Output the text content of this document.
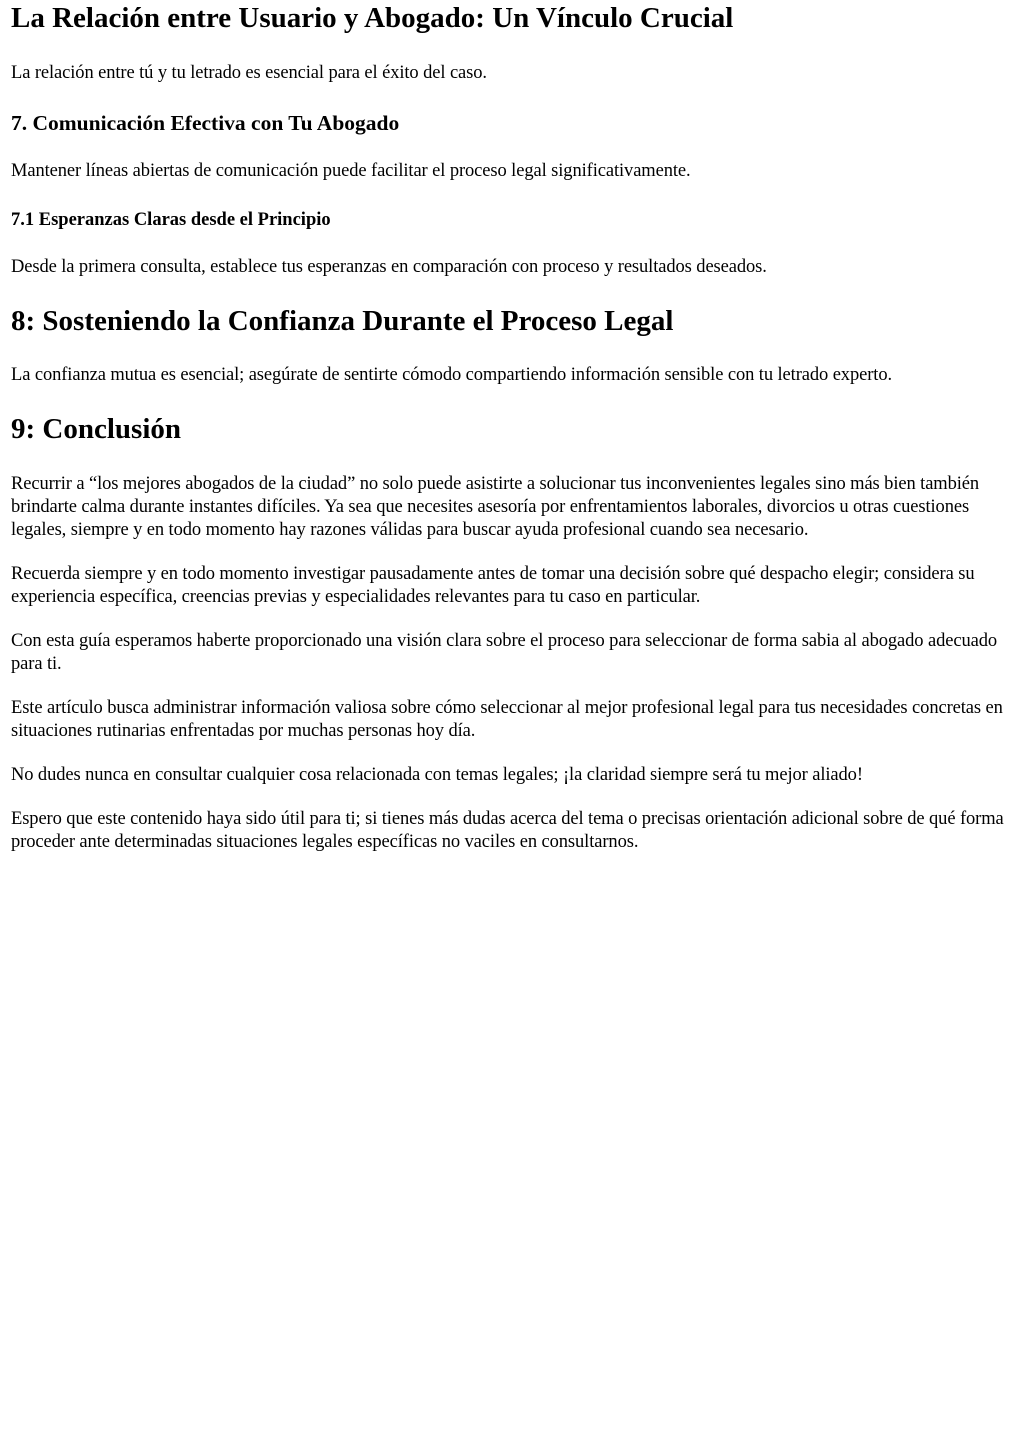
La Relación entre Usuario y Abogado: Un Vínculo Crucial

La relación entre tú y tu letrado es esencial para el éxito del caso.

7. Comunicación Efectiva con Tu Abogado

Mantener líneas abiertas de comunicación puede facilitar el proceso legal significativamente.

7.1 Esperanzas Claras desde el Principio

Desde la primera consulta, establece tus esperanzas en comparación con proceso y resultados deseados.

8: Sosteniendo la Confianza Durante el Proceso Legal

La confianza mutua es esencial; asegúrate de sentirte cómodo compartiendo información sensible con tu letrado experto.

9: Conclusión

Recurrir a “los mejores abogados de la ciudad” no solo puede asistirte a solucionar tus inconvenientes legales sino más bien también brindarte calma durante instantes difíciles. Ya sea que necesites asesoría por enfrentamientos laborales, divorcios u otras cuestiones legales, siempre y en todo momento hay razones válidas para buscar ayuda profesional cuando sea necesario.

Recuerda siempre y en todo momento investigar pausadamente antes de tomar una decisión sobre qué despacho elegir; considera su experiencia específica, creencias previas y especialidades relevantes para tu caso en particular.

Con esta guía esperamos haberte proporcionado una visión clara sobre el proceso para seleccionar de forma sabia al abogado adecuado para ti.

Este artículo busca administrar información valiosa sobre cómo seleccionar al mejor profesional legal para tus necesidades concretas en situaciones rutinarias enfrentadas por muchas personas hoy día.

No dudes nunca en consultar cualquier cosa relacionada con temas legales; ¡la claridad siempre será tu mejor aliado!

Espero que este contenido haya sido útil para ti; si tienes más dudas acerca del tema o precisas orientación adicional sobre de qué forma proceder ante determinadas situaciones legales específicas no vaciles en consultarnos.
